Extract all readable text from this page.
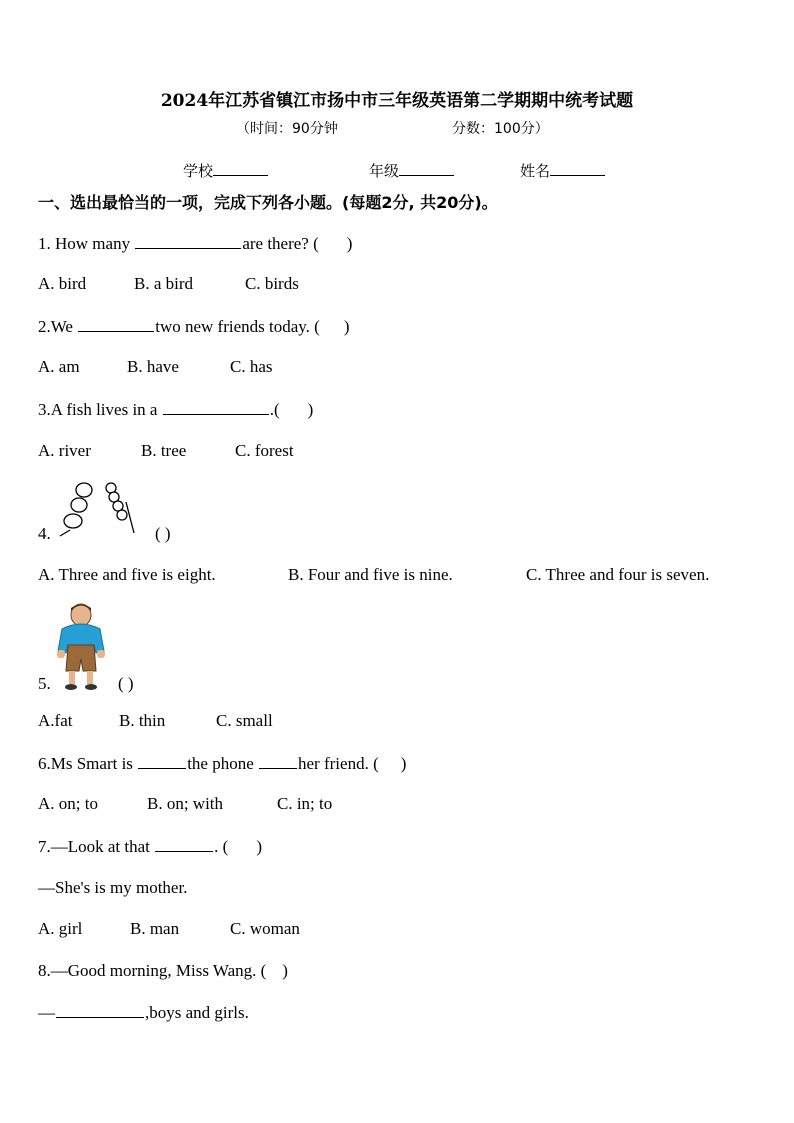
2024年江苏省镇江市扬中市三年级英语第二学期期中统考试题
（时间：90分钟	分数：100分）
学校	年级	姓名
一、选出最恰当的一项，完成下列各小题。(每题2分, 共20分)。
1. How many	are there? ( )
A. bird	B. a bird	C. birds
2.We	two new friends today. ( )
A. am	B. have	C. has
3.A fish lives in a	.( )
A. river	B. tree	C. forest
4.	( )
A. Three and five is eight.	B. Four and five is nine.	C. Three and four is seven.
5.	( )
A.fat	B. thin	C. small
6.Ms Smart is	the phone	her friend. ( )
A. on; to	B. on; with	C. in; to
7.—Look at that	. ( )
—She's is my mother.
A. girl	B. man	C. woman
8.—Good morning, Miss Wang. ( )
—	,boys and girls.
